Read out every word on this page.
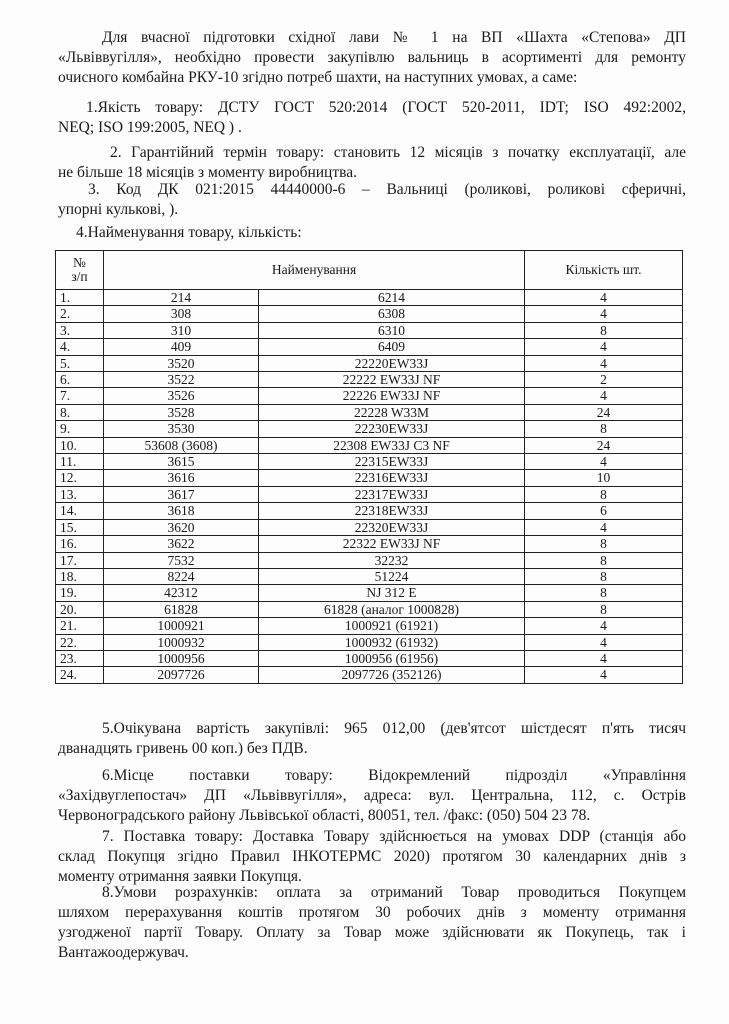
Для вчасної підготовки східної лави № 1 на ВП «Шахта «Степова» ДП
«Львіввугілля», необхідно провести закупівлю вальниць в асортименті для ремонту
очисного комбайна РКУ-10 згідно потреб шахти, на наступних умовах, а саме:
1.Якість товару: ДСТУ ГОСТ 520:2014 (ГОСТ 520-2011, IDT; ISO 492:2002,
NEQ; ISO 199:2005, NEQ ) .
2. Гарантійний термін товару: становить 12 місяців з початку експлуатації, але
не більше 18 місяців з моменту виробництва.
3. Код ДК 021:2015 44440000-6 – Вальниці (роликові, роликові сферичні,
упорні кулькові, ).
4.Найменування товару, кількість:
№
з/п	Найменування		Кількість шт.
1.	214	6214	4
2.	308	6308	4
3.	310	6310	8
4.	409	6409	4
5.	3520	22220EW33J	4
6.	3522	22222 EW33J NF	2
7.	3526	22226 EW33J NF	4
8.	3528	22228 W33M	24
9.	3530	22230EW33J	8
10.	53608 (3608)	22308 EW33J C3 NF	24
11.	3615	22315EW33J	4
12.	3616	22316EW33J	10
13.	3617	22317EW33J	8
14.	3618	22318EW33J	6
15.	3620	22320EW33J	4
16.	3622	22322 EW33J NF	8
17.	7532	32232	8
18.	8224	51224	8
19.	42312	NJ 312 E	8
20.	61828	61828 (аналог 1000828)	8
21.	1000921	1000921 (61921)	4
22.	1000932	1000932 (61932)	4
23.	1000956	1000956 (61956)	4
24.	2097726	2097726 (352126)	4
5.Очікувана вартість закупівлі: 965 012,00 (дев'ятсот шістдесят п'ять тисяч
дванадцять гривень 00 коп.) без ПДВ.
6.Місце поставки товару: Відокремлений підрозділ «Управління
«Західвуглепостач» ДП «Львіввугілля», адреса: вул. Центральна, 112, с. Острів
Червоноградського району Львівської області, 80051, тел. /факс: (050) 504 23 78.
7. Поставка товару: Доставка Товару здійснюється на умовах DDP (станція або
склад Покупця згідно Правил ІНКОТЕРМС 2020) протягом 30 календарних днів з
моменту отримання заявки Покупця.
8.Умови розрахунків: оплата за отриманий Товар проводиться Покупцем
шляхом перерахування коштів протягом 30 робочих днів з моменту отримання
узгодженої партії Товару. Оплату за Товар може здійснювати як Покупець, так і
Вантажоодержувач.
